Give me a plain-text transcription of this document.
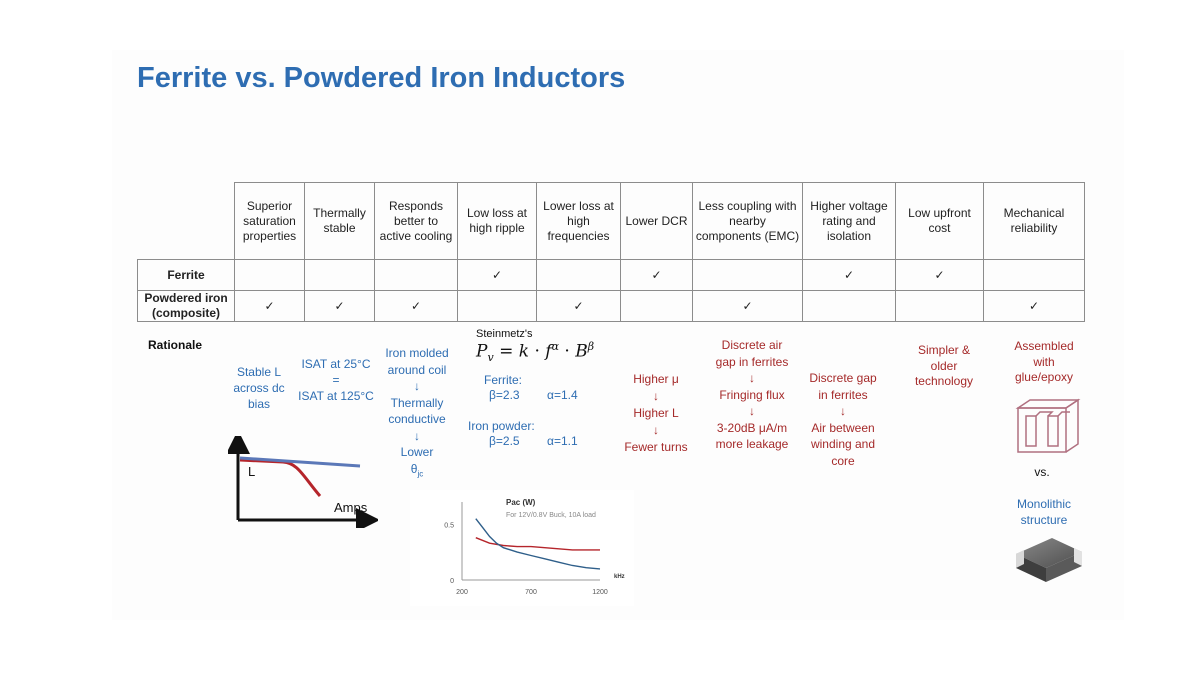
Ferrite vs. Powdered Iron Inductors
	Superior saturation properties	Thermally stable	Responds better to active cooling	Low loss at high ripple	Lower loss at high frequencies	Lower DCR	Less coupling with nearby components (EMC)	Higher voltage rating and isolation	Low upfront cost	Mechanical reliability
Ferrite				✓		✓		✓	✓	
Powdered iron
(composite)	✓	✓	✓		✓		✓			✓
Rationale
Stable L
across dc
bias
ISAT at 25°C
=
ISAT at 125°C
Iron molded
around coil
↓
Thermally
conductive
↓
Lower
$\theta_{jc}$
Steinmetz's
$P_v = k \cdot f^\alpha \cdot B^\beta$
Ferrite:
β=2.3 α=1.4
Iron powder:
β=2.5 α=1.1
Higher μ
↓
Higher L
↓
Fewer turns
Discrete air
gap in ferrites
↓
Fringing flux
↓
3-20dB μA/m
more leakage
Discrete gap
in ferrites
↓
Air between
winding and
core
Simpler &
older
technology
Assembled
with
glue/epoxy
vs.
Monolithic
structure
L
Amps	Pac (W)
For 12V/0.8V Buck, 10A load
200	700	1200
0
0.5
kHz
